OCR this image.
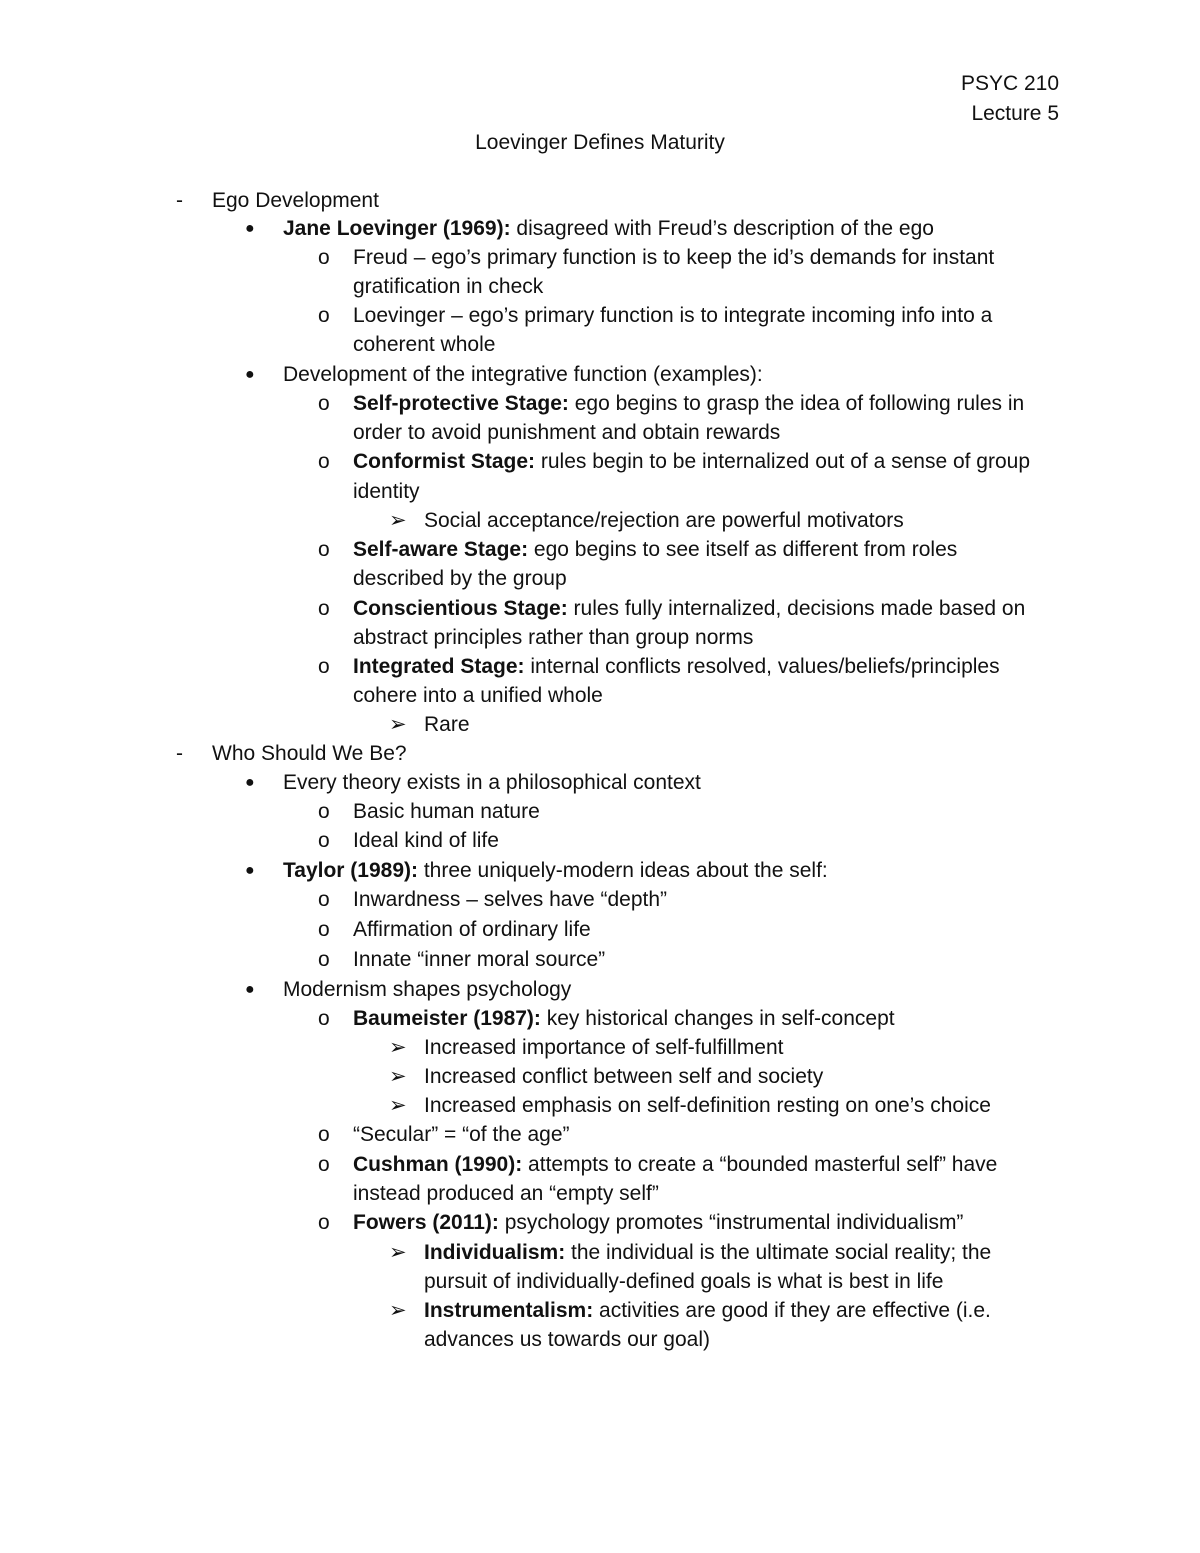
PSYC 210
Lecture 5
Loevinger Defines Maturity
- Ego Development
● Jane Loevinger (1969): disagreed with Freud’s description of the ego
o Freud – ego’s primary function is to keep the id’s demands for instant
gratification in check
o Loevinger – ego’s primary function is to integrate incoming info into a
coherent whole
● Development of the integrative function (examples):
o Self-protective Stage: ego begins to grasp the idea of following rules in
order to avoid punishment and obtain rewards
o Conformist Stage: rules begin to be internalized out of a sense of group
identity
➢ Social acceptance/rejection are powerful motivators
o Self-aware Stage: ego begins to see itself as different from roles
described by the group
o Conscientious Stage: rules fully internalized, decisions made based on
abstract principles rather than group norms
o Integrated Stage: internal conflicts resolved, values/beliefs/principles
cohere into a unified whole
➢ Rare
- Who Should We Be?
● Every theory exists in a philosophical context
o Basic human nature
o Ideal kind of life
● Taylor (1989): three uniquely-modern ideas about the self:
o Inwardness – selves have “depth”
o Affirmation of ordinary life
o Innate “inner moral source”
● Modernism shapes psychology
o Baumeister (1987): key historical changes in self-concept
➢ Increased importance of self-fulfillment
➢ Increased conflict between self and society
➢ Increased emphasis on self-definition resting on one’s choice
o “Secular” = “of the age”
o Cushman (1990): attempts to create a “bounded masterful self” have
instead produced an “empty self”
o Fowers (2011): psychology promotes “instrumental individualism”
➢ Individualism: the individual is the ultimate social reality; the
pursuit of individually-defined goals is what is best in life
➢ Instrumentalism: activities are good if they are effective (i.e.
advances us towards our goal)
